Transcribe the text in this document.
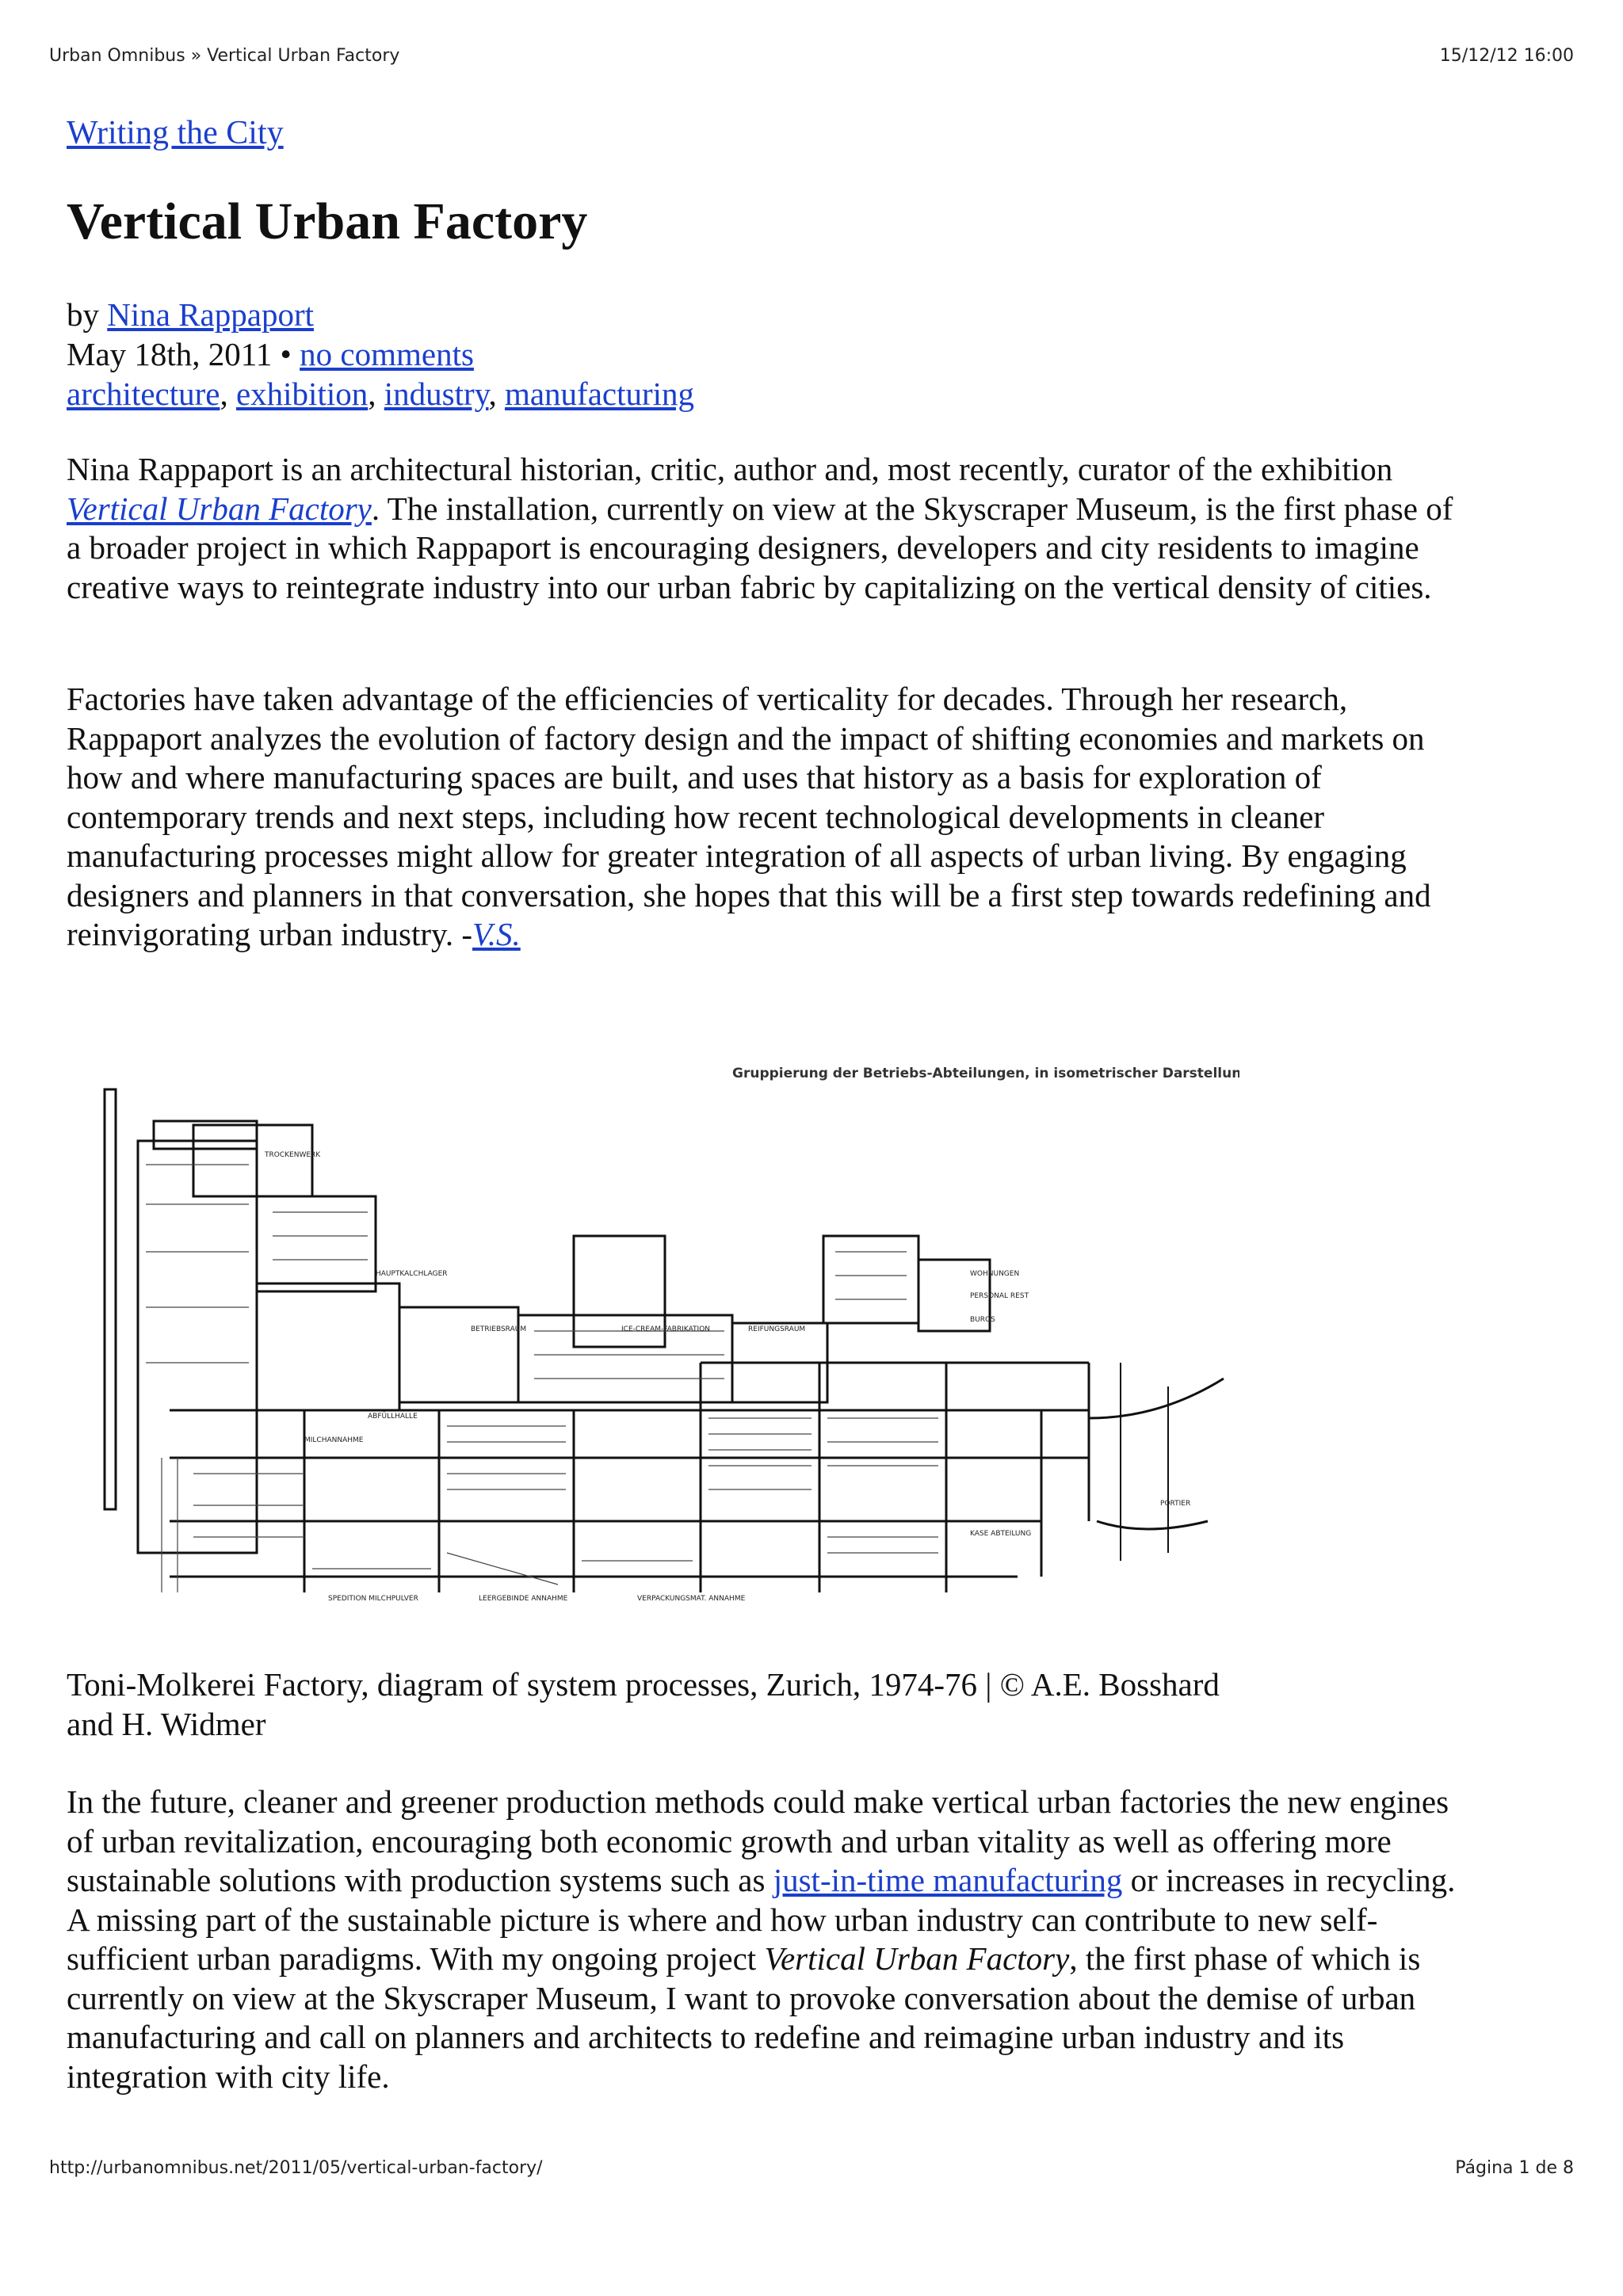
Urban Omnibus » Vertical Urban Factory	15/12/12 16:00
Writing the City
Vertical Urban Factory
by Nina Rappaport
May 18th, 2011 • no comments
architecture, exhibition, industry, manufacturing

Nina Rappaport is an architectural historian, critic, author and, most recently, curator of the exhibition Vertical Urban Factory. The installation, currently on view at the Skyscraper Museum, is the first phase of a broader project in which Rappaport is encouraging designers, developers and city residents to imagine creative ways to reintegrate industry into our urban fabric by capitalizing on the vertical density of cities.

Factories have taken advantage of the efficiencies of verticality for decades. Through her research, Rappaport analyzes the evolution of factory design and the impact of shifting economies and markets on how and where manufacturing spaces are built, and uses that history as a basis for exploration of contemporary trends and next steps, including how recent technological developments in cleaner manufacturing processes might allow for greater integration of all aspects of urban living. By engaging designers and planners in that conversation, she hopes that this will be a first step towards redefining and reinvigorating urban industry. -V.S.

Gruppierung der Betriebs-Abteilungen, in isometrischer Darstellung
TROCKENWERK
HAUPTKALCHLAGER
BETRIEBSRAUM	ICE-CREAM-FABRIKATION	REIFUNGSRAUM
ABFÜLLHALLE
MILCHANNAHME
WOHNUNGEN
PERSONAL REST
BUROS
KASE ABTEILUNG
SPEDITION MILCHPULVER	LEERGEBINDE ANNAHME	VERPACKUNGSMAT. ANNAHME
PORTIER
Toni-Molkerei Factory, diagram of system processes, Zurich, 1974-76 | © A.E. Bosshard and H. Widmer

In the future, cleaner and greener production methods could make vertical urban factories the new engines of urban revitalization, encouraging both economic growth and urban vitality as well as offering more sustainable solutions with production systems such as just-in-time manufacturing or increases in recycling. A missing part of the sustainable picture is where and how urban industry can contribute to new self-sufficient urban paradigms. With my ongoing project Vertical Urban Factory, the first phase of which is currently on view at the Skyscraper Museum, I want to provoke conversation about the demise of urban manufacturing and call on planners and architects to redefine and reimagine urban industry and its integration with city life.

http://urbanomnibus.net/2011/05/vertical-urban-factory/	Página 1 de 8
